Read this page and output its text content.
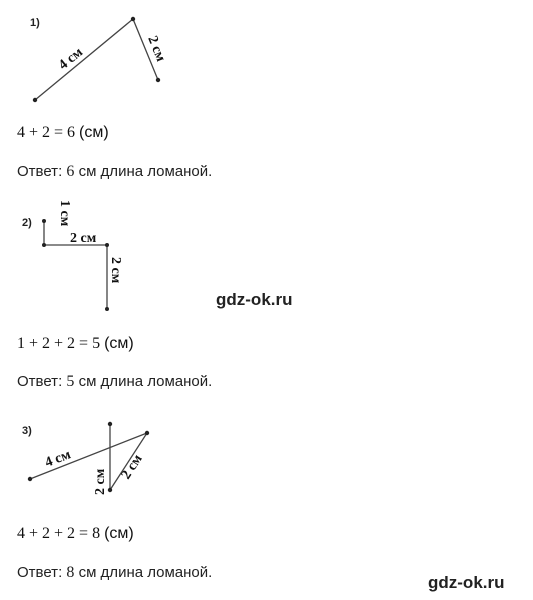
1)
4 см	2 см
4 + 2 = 6 (см)
Ответ: 6 см длина ломаной.
2) 1 см
2 см
2 см
gdz-ok.ru
1 + 2 + 2 = 5 (см)
Ответ: 5 см длина ломаной.
3)
4 см
2 см 2 см
4 + 2 + 2 = 8 (см)
Ответ: 8 см длина ломаной.
gdz-ok.ru
